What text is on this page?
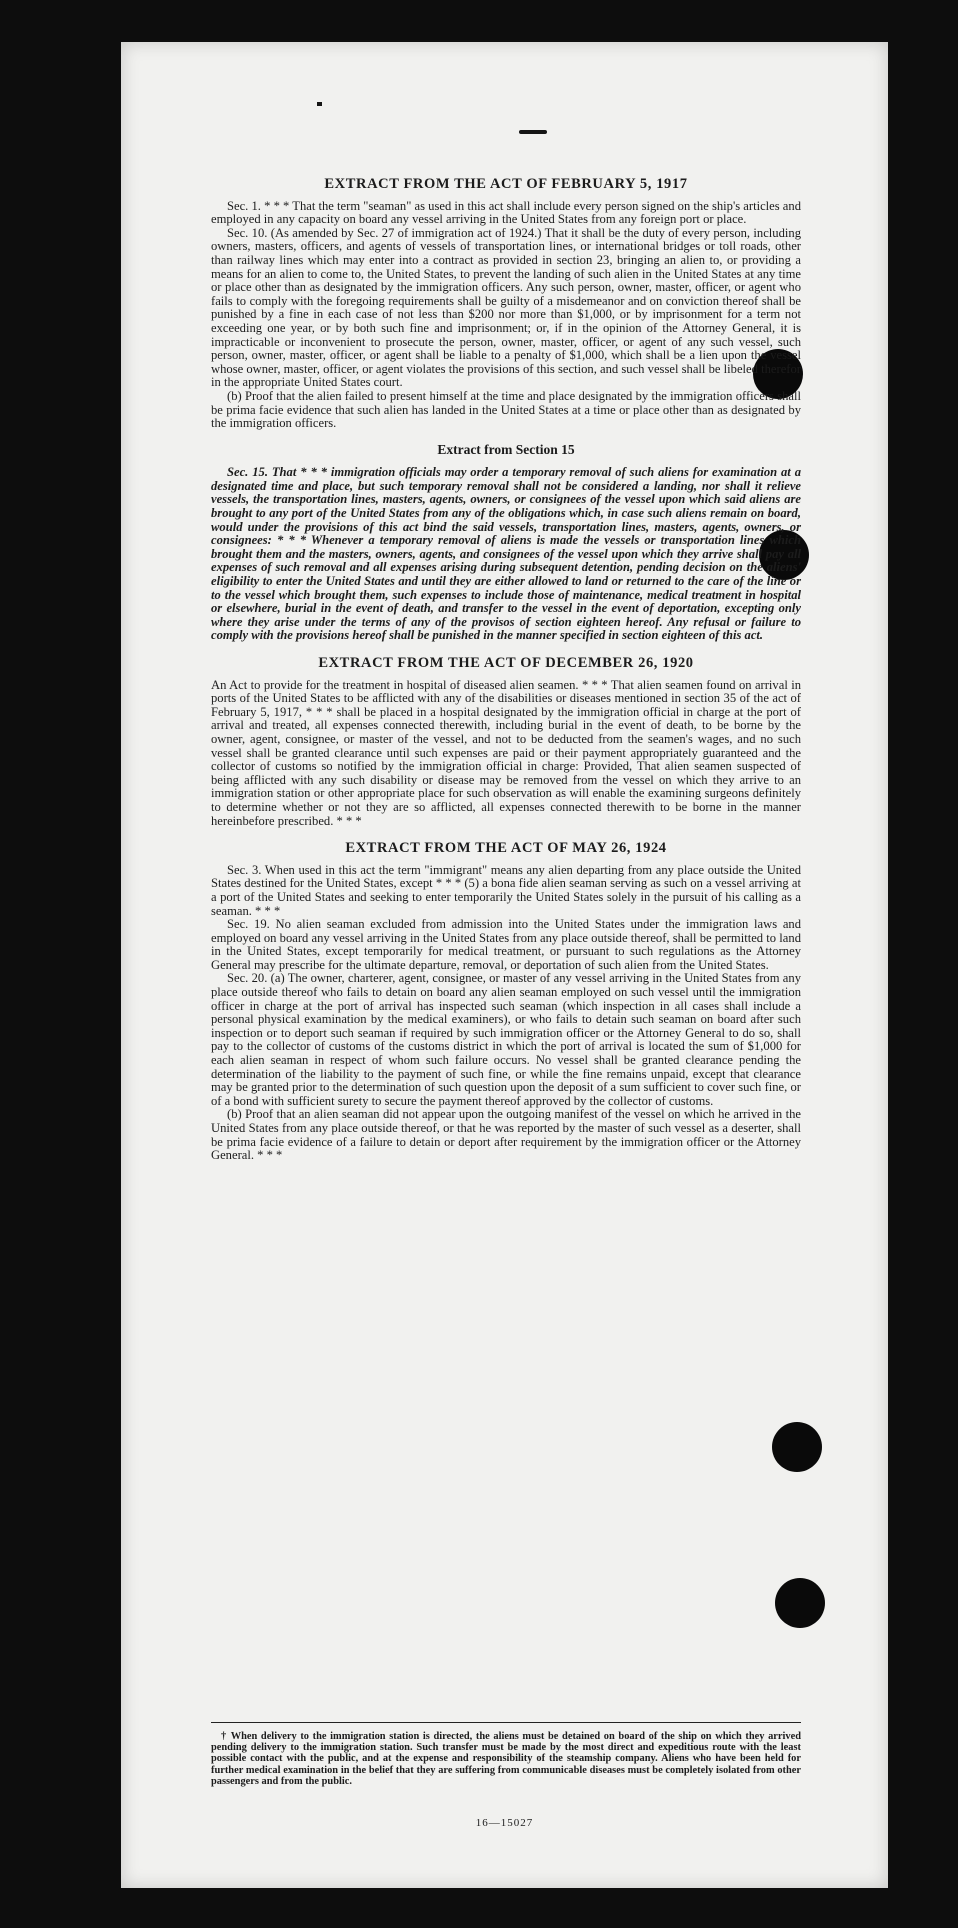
EXTRACT FROM THE ACT OF FEBRUARY 5, 1917

Sec. 1. * * * That the term "seaman" as used in this act shall include every person signed on the ship's articles and employed in any capacity on board any vessel arriving in the United States from any foreign port or place.

Sec. 10. (As amended by Sec. 27 of immigration act of 1924.) That it shall be the duty of every person, including owners, masters, officers, and agents of vessels of transportation lines, or international bridges or toll roads, other than railway lines which may enter into a contract as provided in section 23, bringing an alien to, or providing a means for an alien to come to, the United States, to prevent the landing of such alien in the United States at any time or place other than as designated by the immigration officers. Any such person, owner, master, officer, or agent who fails to comply with the foregoing requirements shall be guilty of a misdemeanor and on conviction thereof shall be punished by a fine in each case of not less than $200 nor more than $1,000, or by imprisonment for a term not exceeding one year, or by both such fine and imprisonment; or, if in the opinion of the Attorney General, it is impracticable or inconvenient to prosecute the person, owner, master, officer, or agent of any such vessel, such person, owner, master, officer, or agent shall be liable to a penalty of $1,000, which shall be a lien upon the vessel whose owner, master, officer, or agent violates the provisions of this section, and such vessel shall be libeled therefor in the appropriate United States court.

(b) Proof that the alien failed to present himself at the time and place designated by the immigration officers shall be prima facie evidence that such alien has landed in the United States at a time or place other than as designated by the immigration officers.

Extract from Section 15

Sec. 15. That * * * immigration officials may order a temporary removal of such aliens for examination at a designated time and place, but such temporary removal shall not be considered a landing, nor shall it relieve vessels, the transportation lines, masters, agents, owners, or consignees of the vessel upon which said aliens are brought to any port of the United States from any of the obligations which, in case such aliens remain on board, would under the provisions of this act bind the said vessels, transportation lines, masters, agents, owners, or consignees: * * * Whenever a temporary removal of aliens is made the vessels or transportation lines which brought them and the masters, owners, agents, and consignees of the vessel upon which they arrive shall pay all expenses of such removal and all expenses arising during subsequent detention, pending decision on the aliens' eligibility to enter the United States and until they are either allowed to land or returned to the care of the line or to the vessel which brought them, such expenses to include those of maintenance, medical treatment in hospital or elsewhere, burial in the event of death, and transfer to the vessel in the event of deportation, excepting only where they arise under the terms of any of the provisos of section eighteen hereof. Any refusal or failure to comply with the provisions hereof shall be punished in the manner specified in section eighteen of this act.

EXTRACT FROM THE ACT OF DECEMBER 26, 1920

An Act to provide for the treatment in hospital of diseased alien seamen. * * * That alien seamen found on arrival in ports of the United States to be afflicted with any of the disabilities or diseases mentioned in section 35 of the act of February 5, 1917, * * * shall be placed in a hospital designated by the immigration official in charge at the port of arrival and treated, all expenses connected therewith, including burial in the event of death, to be borne by the owner, agent, consignee, or master of the vessel, and not to be deducted from the seamen's wages, and no such vessel shall be granted clearance until such expenses are paid or their payment appropriately guaranteed and the collector of customs so notified by the immigration official in charge: Provided, That alien seamen suspected of being afflicted with any such disability or disease may be removed from the vessel on which they arrive to an immigration station or other appropriate place for such observation as will enable the examining surgeons definitely to determine whether or not they are so afflicted, all expenses connected therewith to be borne in the manner hereinbefore prescribed. * * *

EXTRACT FROM THE ACT OF MAY 26, 1924

Sec. 3. When used in this act the term "immigrant" means any alien departing from any place outside the United States destined for the United States, except * * * (5) a bona fide alien seaman serving as such on a vessel arriving at a port of the United States and seeking to enter temporarily the United States solely in the pursuit of his calling as a seaman. * * *

Sec. 19. No alien seaman excluded from admission into the United States under the immigration laws and employed on board any vessel arriving in the United States from any place outside thereof, shall be permitted to land in the United States, except temporarily for medical treatment, or pursuant to such regulations as the Attorney General may prescribe for the ultimate departure, removal, or deportation of such alien from the United States.

Sec. 20. (a) The owner, charterer, agent, consignee, or master of any vessel arriving in the United States from any place outside thereof who fails to detain on board any alien seaman employed on such vessel until the immigration officer in charge at the port of arrival has inspected such seaman (which inspection in all cases shall include a personal physical examination by the medical examiners), or who fails to detain such seaman on board after such inspection or to deport such seaman if required by such immigration officer or the Attorney General to do so, shall pay to the collector of customs of the customs district in which the port of arrival is located the sum of $1,000 for each alien seaman in respect of whom such failure occurs. No vessel shall be granted clearance pending the determination of the liability to the payment of such fine, or while the fine remains unpaid, except that clearance may be granted prior to the determination of such question upon the deposit of a sum sufficient to cover such fine, or of a bond with sufficient surety to secure the payment thereof approved by the collector of customs.

(b) Proof that an alien seaman did not appear upon the outgoing manifest of the vessel on which he arrived in the United States from any place outside thereof, or that he was reported by the master of such vessel as a deserter, shall be prima facie evidence of a failure to detain or deport after requirement by the immigration officer or the Attorney General. * * *

† When delivery to the immigration station is directed, the aliens must be detained on board of the ship on which they arrived pending delivery to the immigration station. Such transfer must be made by the most direct and expeditious route with the least possible contact with the public, and at the expense and responsibility of the steamship company. Aliens who have been held for further medical examination in the belief that they are suffering from communicable diseases must be completely isolated from other passengers and from the public.

16—15027
